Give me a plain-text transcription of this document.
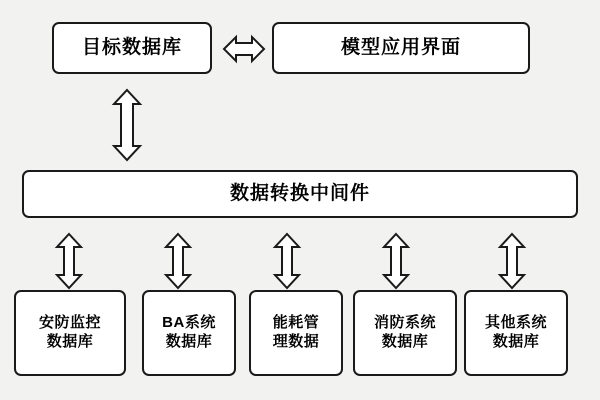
目标数据库	模型应用界面
数据转换中间件
安防监控
数据库
BA系统
数据库
能耗管
理数据
消防系统
数据库
其他系统
数据库
